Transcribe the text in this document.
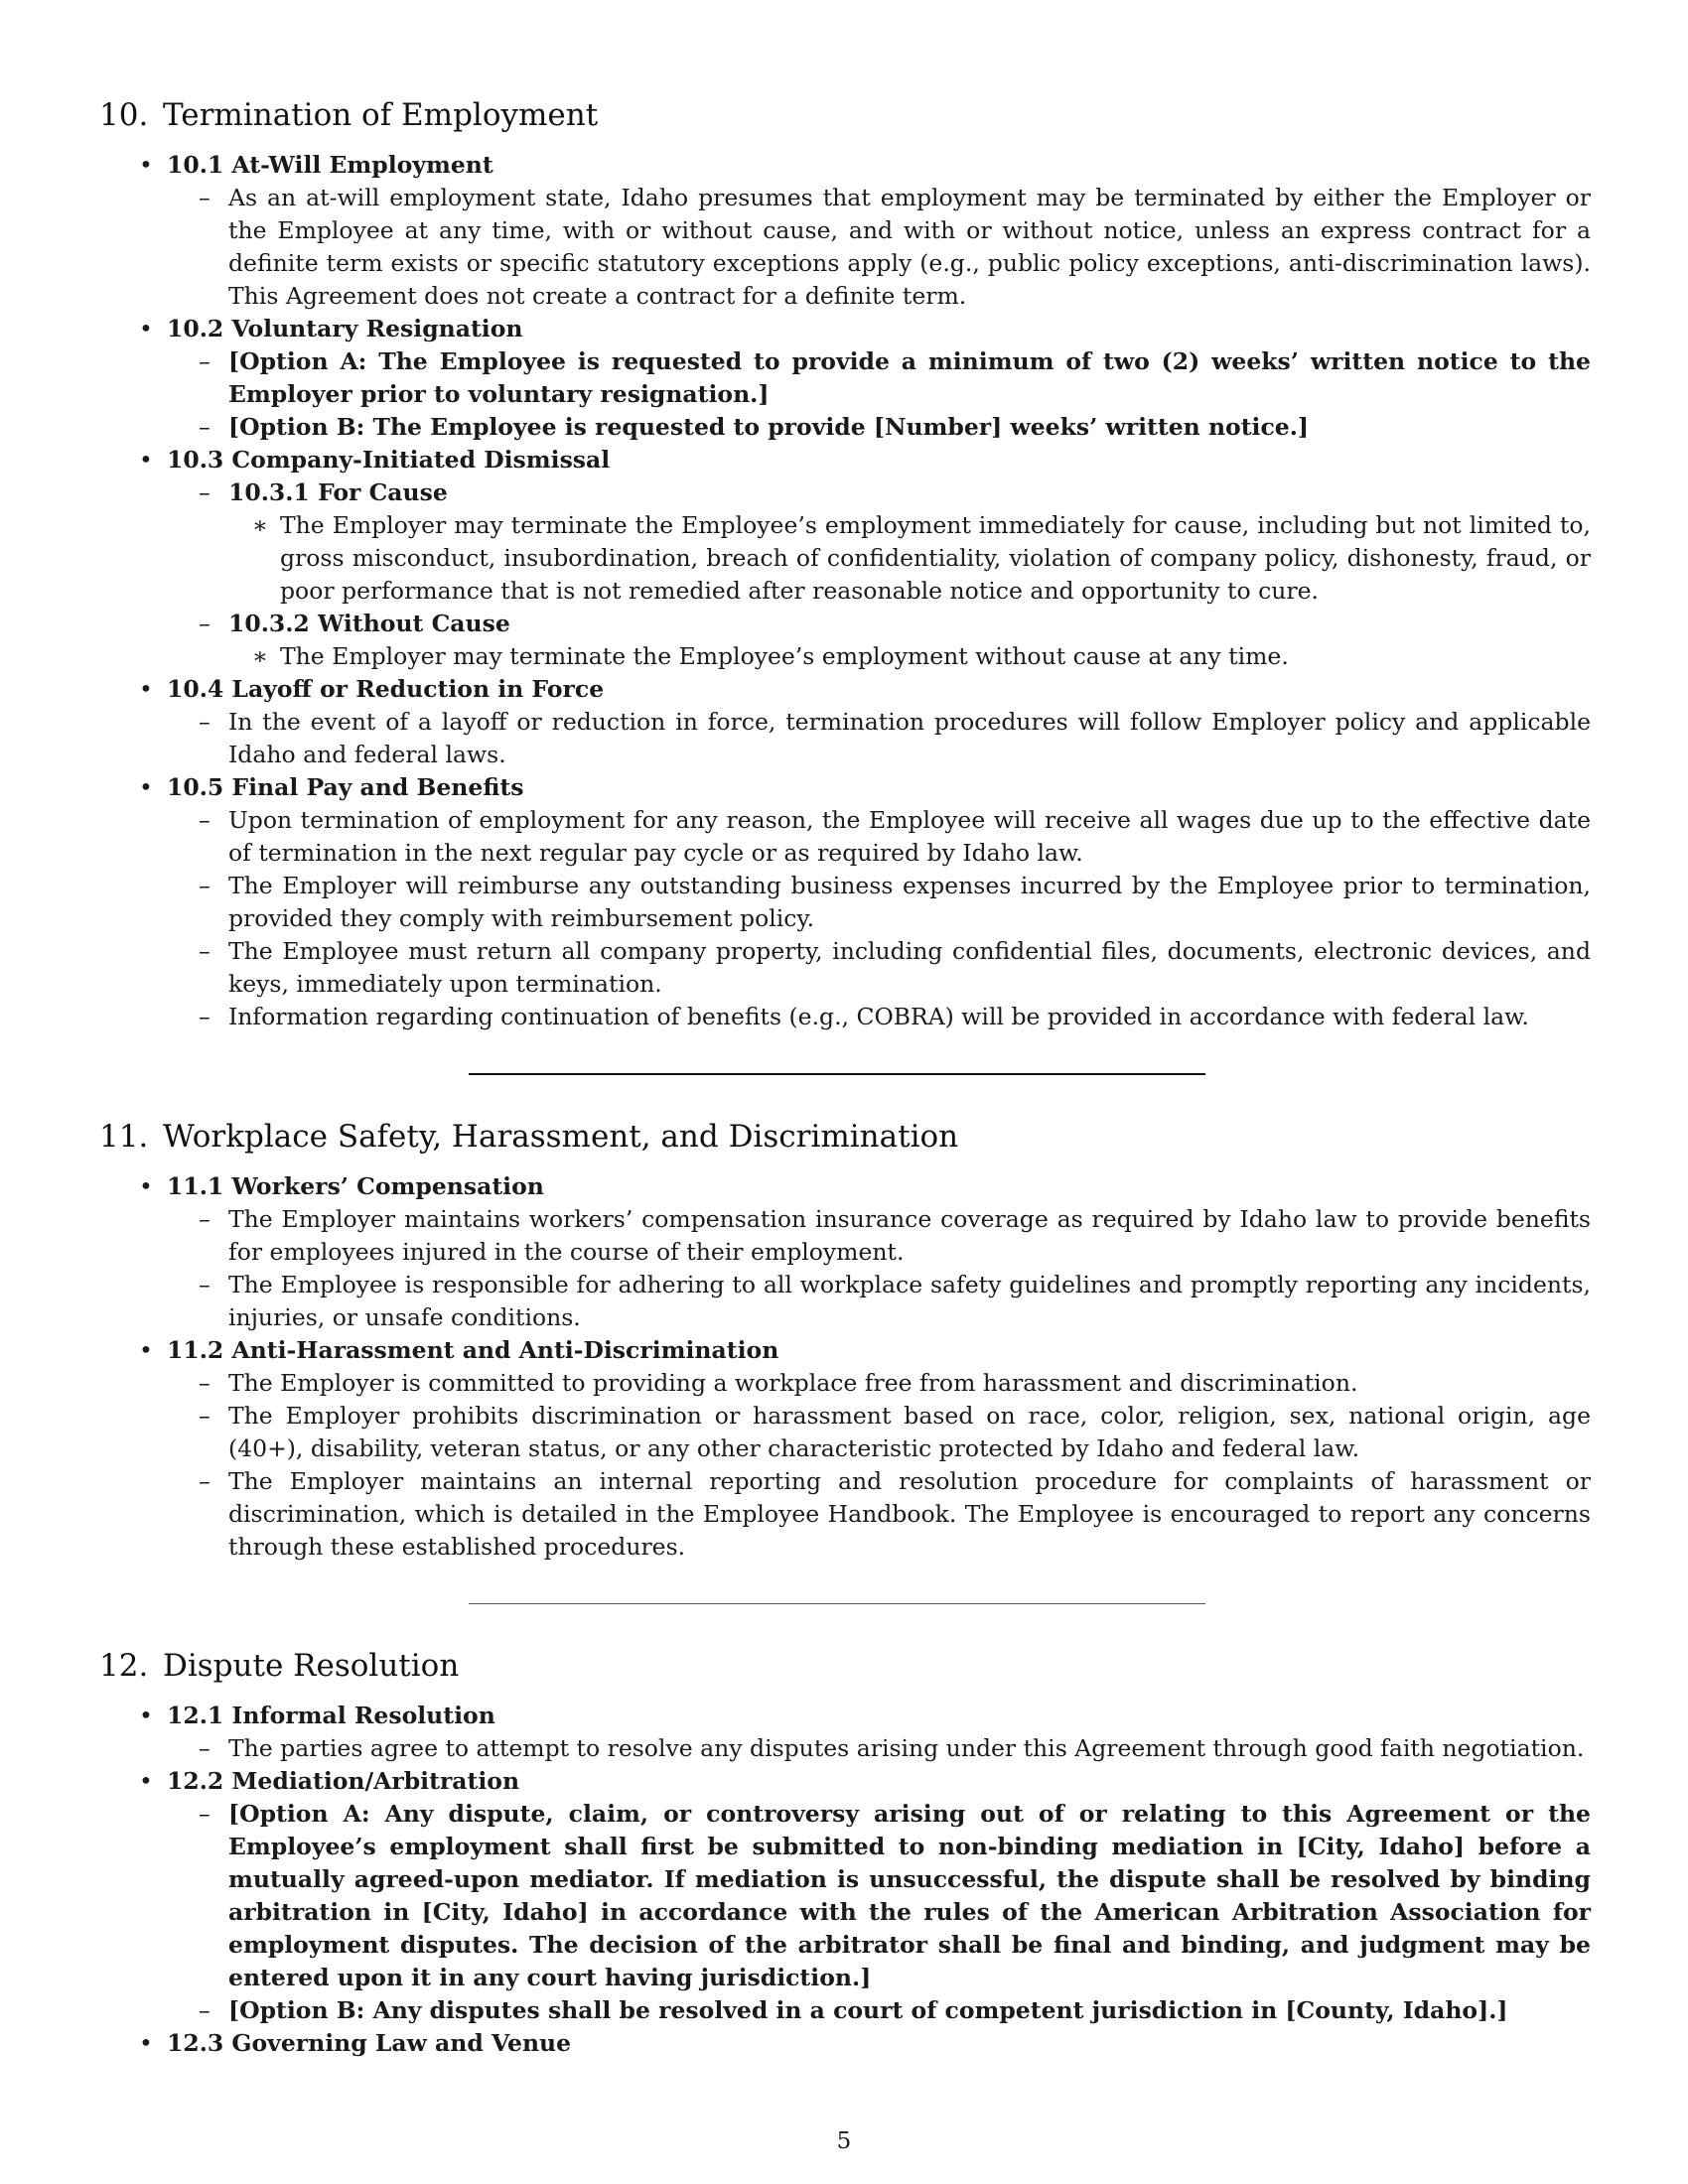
10. Termination of Employment
• 10.1 At-Will Employment
– As an at-will employment state, Idaho presumes that employment may be terminated by either the Employer or the Employee at any time, with or without cause, and with or without notice, unless an express contract for a definite term exists or specific statutory exceptions apply (e.g., public policy exceptions, anti-discrimination laws). This Agreement does not create a contract for a definite term.
• 10.2 Voluntary Resignation
– [Option A: The Employee is requested to provide a minimum of two (2) weeks’ written notice to the Employer prior to voluntary resignation.]
– [Option B: The Employee is requested to provide [Number] weeks’ written notice.]
• 10.3 Company-Initiated Dismissal
– 10.3.1 For Cause
∗ The Employer may terminate the Employee’s employment immediately for cause, including but not limited to, gross misconduct, insubordination, breach of confidentiality, violation of company policy, dishonesty, fraud, or poor performance that is not remedied after reasonable notice and opportunity to cure.
– 10.3.2 Without Cause
∗ The Employer may terminate the Employee’s employment without cause at any time.
• 10.4 Layoff or Reduction in Force
– In the event of a layoff or reduction in force, termination procedures will follow Employer policy and applicable Idaho and federal laws.
• 10.5 Final Pay and Benefits
– Upon termination of employment for any reason, the Employee will receive all wages due up to the effective date of termination in the next regular pay cycle or as required by Idaho law.
– The Employer will reimburse any outstanding business expenses incurred by the Employee prior to termination, provided they comply with reimbursement policy.
– The Employee must return all company property, including confidential files, documents, electronic devices, and keys, immediately upon termination.
– Information regarding continuation of benefits (e.g., COBRA) will be provided in accordance with federal law.
11. Workplace Safety, Harassment, and Discrimination
• 11.1 Workers’ Compensation
– The Employer maintains workers’ compensation insurance coverage as required by Idaho law to provide benefits for employees injured in the course of their employment.
– The Employee is responsible for adhering to all workplace safety guidelines and promptly reporting any incidents, injuries, or unsafe conditions.
• 11.2 Anti-Harassment and Anti-Discrimination
– The Employer is committed to providing a workplace free from harassment and discrimination.
– The Employer prohibits discrimination or harassment based on race, color, religion, sex, national origin, age (40+), disability, veteran status, or any other characteristic protected by Idaho and federal law.
– The Employer maintains an internal reporting and resolution procedure for complaints of harassment or discrimination, which is detailed in the Employee Handbook. The Employee is encouraged to report any concerns through these established procedures.
12. Dispute Resolution
• 12.1 Informal Resolution
– The parties agree to attempt to resolve any disputes arising under this Agreement through good faith negotiation.
• 12.2 Mediation/Arbitration
– [Option A: Any dispute, claim, or controversy arising out of or relating to this Agreement or the Employee’s employment shall first be submitted to non-binding mediation in [City, Idaho] before a mutually agreed-upon mediator. If mediation is unsuccessful, the dispute shall be resolved by binding arbitration in [City, Idaho] in accordance with the rules of the American Arbitration Association for employment disputes. The decision of the arbitrator shall be final and binding, and judgment may be entered upon it in any court having jurisdiction.]
– [Option B: Any disputes shall be resolved in a court of competent jurisdiction in [County, Idaho].]
• 12.3 Governing Law and Venue
5
